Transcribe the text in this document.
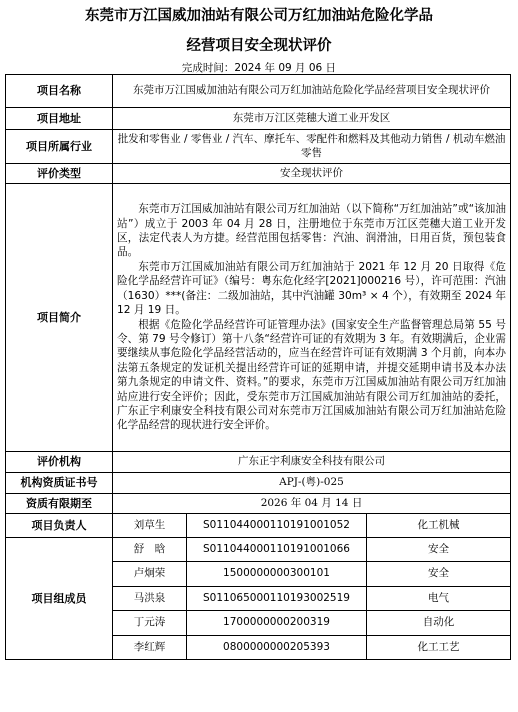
东莞市万江国威加油站有限公司万红加油站危险化学品
经营项目安全现状评价
完成时间：2024 年 09 月 06 日
项目名称	东莞市万江国威加油站有限公司万红加油站危险化学品经营项目安全现状评价		
项目地址	东莞市万江区莞穗大道工业开发区		
项目所属行业	批发和零售业 / 零售业 / 汽车、摩托车、零配件和燃料及其他动力销售 / 机动车燃油零售		
评价类型	安全现状评价		
项目简介	东莞市万江国威加油站有限公司万红加油站（以下简称“万红加油站”或“该加油站”）成立于 2003 年 04 月 28 日，注册地位于东莞市万江区莞穗大道工业开发区，法定代表人为方捷。经营范围包括零售：汽油、润滑油，日用百货，预包装食品。

东莞市万江国威加油站有限公司万红加油站于 2021 年 12 月 20 日取得《危险化学品经营许可证》（编号：粤东危化经字[2021]000216 号），许可范围：汽油（1630）***(备注：二级加油站，其中汽油罐 30m³ × 4 个），有效期至 2024 年 12 月 19 日。

根据《危险化学品经营许可证管理办法》(国家安全生产监督管理总局第 55 号令、第 79 号令修订）第十八条“经营许可证的有效期为 3 年。有效期满后，企业需要继续从事危险化学品经营活动的，应当在经营许可证有效期满 3 个月前，向本办法第五条规定的发证机关提出经营许可证的延期申请，并提交延期申请书及本办法第九条规定的申请文件、资料。”的要求，东莞市万江国威加油站有限公司万红加油站应进行安全评价；因此，受东莞市万江国威加油站有限公司万红加油站的委托，广东正宇利康安全科技有限公司对东莞市万江国威加油站有限公司万红加油站危险化学品经营的现状进行安全评价。		

评价机构	广东正宇利康安全科技有限公司		
机构资质证书号	APJ-(粤)-025		
资质有限期至	2026 年 04 月 14 日		
项目负责人	刘草生	S011044000110191001052	化工机械
项目组成员	舒　晗	S011044000110191001066	安全
	卢炯荣	1500000000300101	安全
	马洪泉	S011065000110193002519	电气
	丁元涛	1700000000200319	自动化
	李红辉	0800000000205393	化工工艺
